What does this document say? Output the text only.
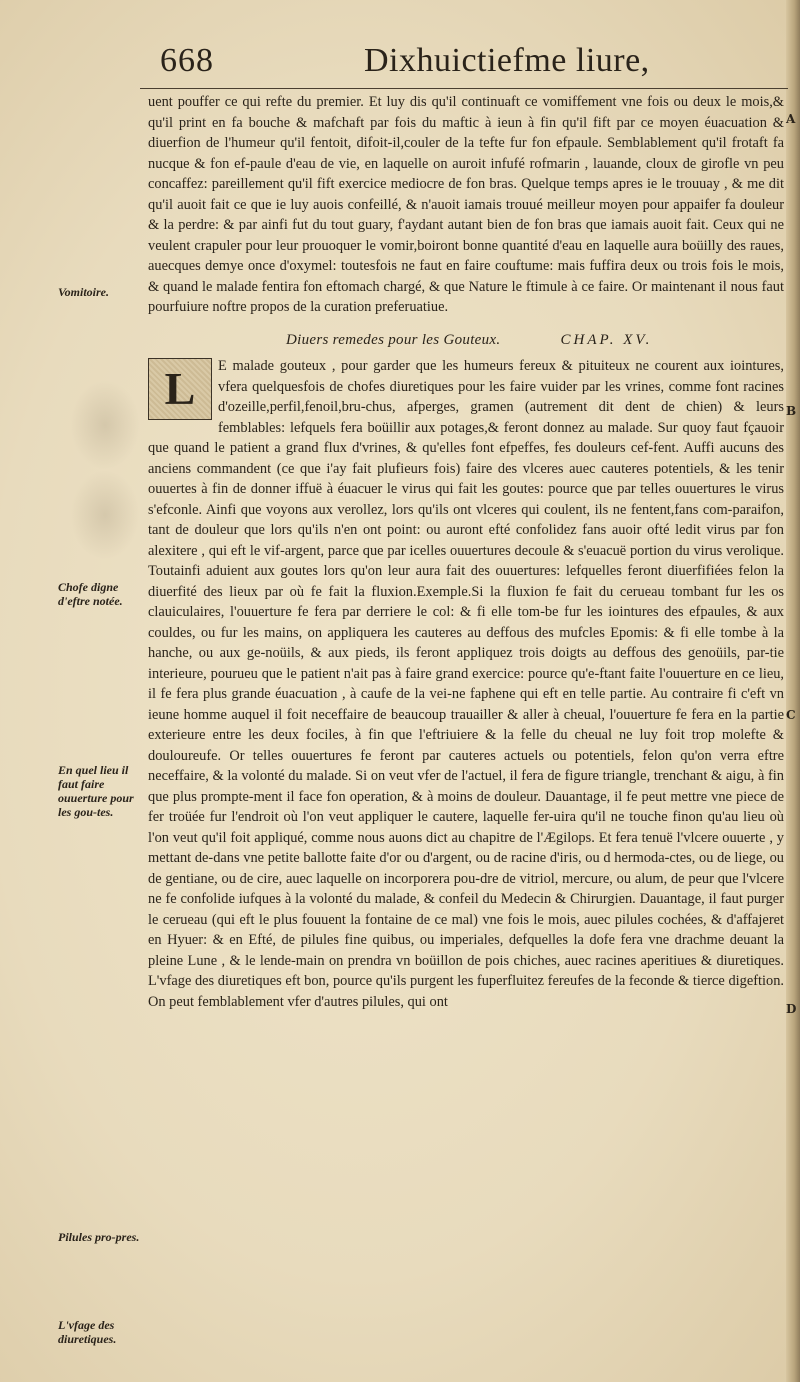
668	Dixhuictiefme liure,
Vomitoire.
Chofe digne d'eftre notée.
En quel lieu il faut faire ouuerture pour les gou-tes.
Pilules pro-pres.
L'vfage des diuretiques.
A
B
C
D

uent pouffer ce qui refte du premier. Et luy dis qu'il continuaft ce vomiffement vne fois ou deux le mois,& qu'il print en fa bouche & mafchaft par fois du maftic à ieun à fin qu'il fift par ce moyen éuacuation & diuerfion de l'humeur qu'il fentoit, difoit-il,couler de la tefte fur fon efpaule. Semblablement qu'il frotaft fa nucque & fon ef-paule d'eau de vie, en laquelle on auroit infufé rofmarin , lauande, cloux de girofle vn peu concaffez: pareillement qu'il fift exercice mediocre de fon bras. Quelque temps apres ie le trouuay , & me dit qu'il auoit fait ce que ie luy auois confeillé, & n'auoit iamais trouué meilleur moyen pour appaifer fa douleur & la perdre: & par ainfi fut du tout guary, f'aydant autant bien de fon bras que iamais auoit fait. Ceux qui ne veulent crapuler pour leur prouoquer le vomir,boiront bonne quantité d'eau en laquelle aura boüilly des raues, auecques demye once d'oxymel: toutesfois ne faut en faire couftume: mais fuffira deux ou trois fois le mois, & quand le malade fentira fon eftomach chargé, & que Nature le ftimule à ce faire. Or maintenant il nous faut pourfuiure noftre propos de la curation preferuatiue.

Diuers remedes pour les Gouteux.	CHAP. XV.
L	E malade gouteux , pour garder que les humeurs fereux & pituiteux ne courent aux iointures, vfera quelquesfois de chofes diuretiques pour les faire vuider par les vrines, comme font racines d'ozeille,perfil,fenoil,bru-chus, afperges, gramen (autrement dit dent de chien) & leurs femblables: lefquels fera boüillir aux potages,& feront donnez au malade. Sur quoy faut fçauoir que quand le patient a grand flux d'vrines, & qu'elles font efpeffes, fes douleurs cef-fent. Auffi aucuns des anciens commandent (ce que i'ay fait plufieurs fois) faire des vlceres auec cauteres potentiels, & les tenir ouuertes à fin de donner iffuë à éuacuer le virus qui fait les goutes: pource que par telles ouuertures le virus s'efconle. Ainfi que voyons aux verollez, lors qu'ils ont vlceres qui coulent, ils ne fentent,fans com-paraifon, tant de douleur que lors qu'ils n'en ont point: ou auront efté confolidez fans auoir ofté ledit virus par fon alexitere , qui eft le vif-argent, parce que par icelles ouuertures decoule & s'euacuë portion du virus verolique. Toutainfi aduient aux goutes lors qu'on leur aura fait des ouuertures: lefquelles feront diuerfifiées felon la diuerfité des lieux par où fe fait la fluxion.Exemple.Si la fluxion fe fait du cerueau tombant fur les os clauiculaires, l'ouuerture fe fera par derriere le col: & fi elle tom-be fur les iointures des efpaules, & aux couldes, ou fur les mains, on appliquera les cauteres au deffous des mufcles Epomis: & fi elle tombe à la hanche, ou aux ge-noüils, & aux pieds, ils feront appliquez trois doigts au deffous des genoüils, par-tie interieure, pourueu que le patient n'ait pas à faire grand exercice: pource qu'e-ftant faite l'ouuerture en ce lieu, il fe fera plus grande éuacuation , à caufe de la vei-ne faphene qui eft en telle partie. Au contraire fi c'eft vn ieune homme auquel il foit neceffaire de beaucoup trauailler & aller à cheual, l'ouuerture fe fera en la partie exterieure entre les deux fociles, à fin que l'eftriuiere & la felle du cheual ne luy foit trop molefte & douloureufe. Or telles ouuertures fe feront par cauteres actuels ou potentiels, felon qu'on verra eftre neceffaire, & la volonté du malade. Si on veut vfer de l'actuel, il fera de figure triangle, trenchant & aigu, à fin que plus prompte-ment il face fon operation, & à moins de douleur. Dauantage, il fe peut mettre vne piece de fer troüée fur l'endroit où l'on veut appliquer le cautere, laquelle fer-uira qu'il ne touche finon qu'au lieu où l'on veut qu'il foit appliqué, comme nous auons dict au chapitre de l'Ægilops. Et fera tenuë l'vlcere ouuerte , y mettant de-dans vne petite ballotte faite d'or ou d'argent, ou de racine d'iris, ou d hermoda-ctes, ou de liege, ou de gentiane, ou de cire, auec laquelle on incorporera pou-dre de vitriol, mercure, ou alum, de peur que l'vlcere ne fe confolide iufques à la volonté du malade, & confeil du Medecin & Chirurgien. Dauantage, il faut purger le cerueau (qui eft le plus fouuent la fontaine de ce mal) vne fois le mois, auec pilules cochées, & d'affajeret en Hyuer: & en Efté, de pilules fine quibus, ou imperiales, defquelles la dofe fera vne drachme deuant la pleine Lune , & le lende-main on prendra vn boüillon de pois chiches, auec racines aperitiues & diuretiques. L'vfage des diuretiques eft bon, pource qu'ils purgent les fuperfluitez fereufes de la feconde & tierce digeftion. On peut femblablement vfer d'autres pilules, qui ont
